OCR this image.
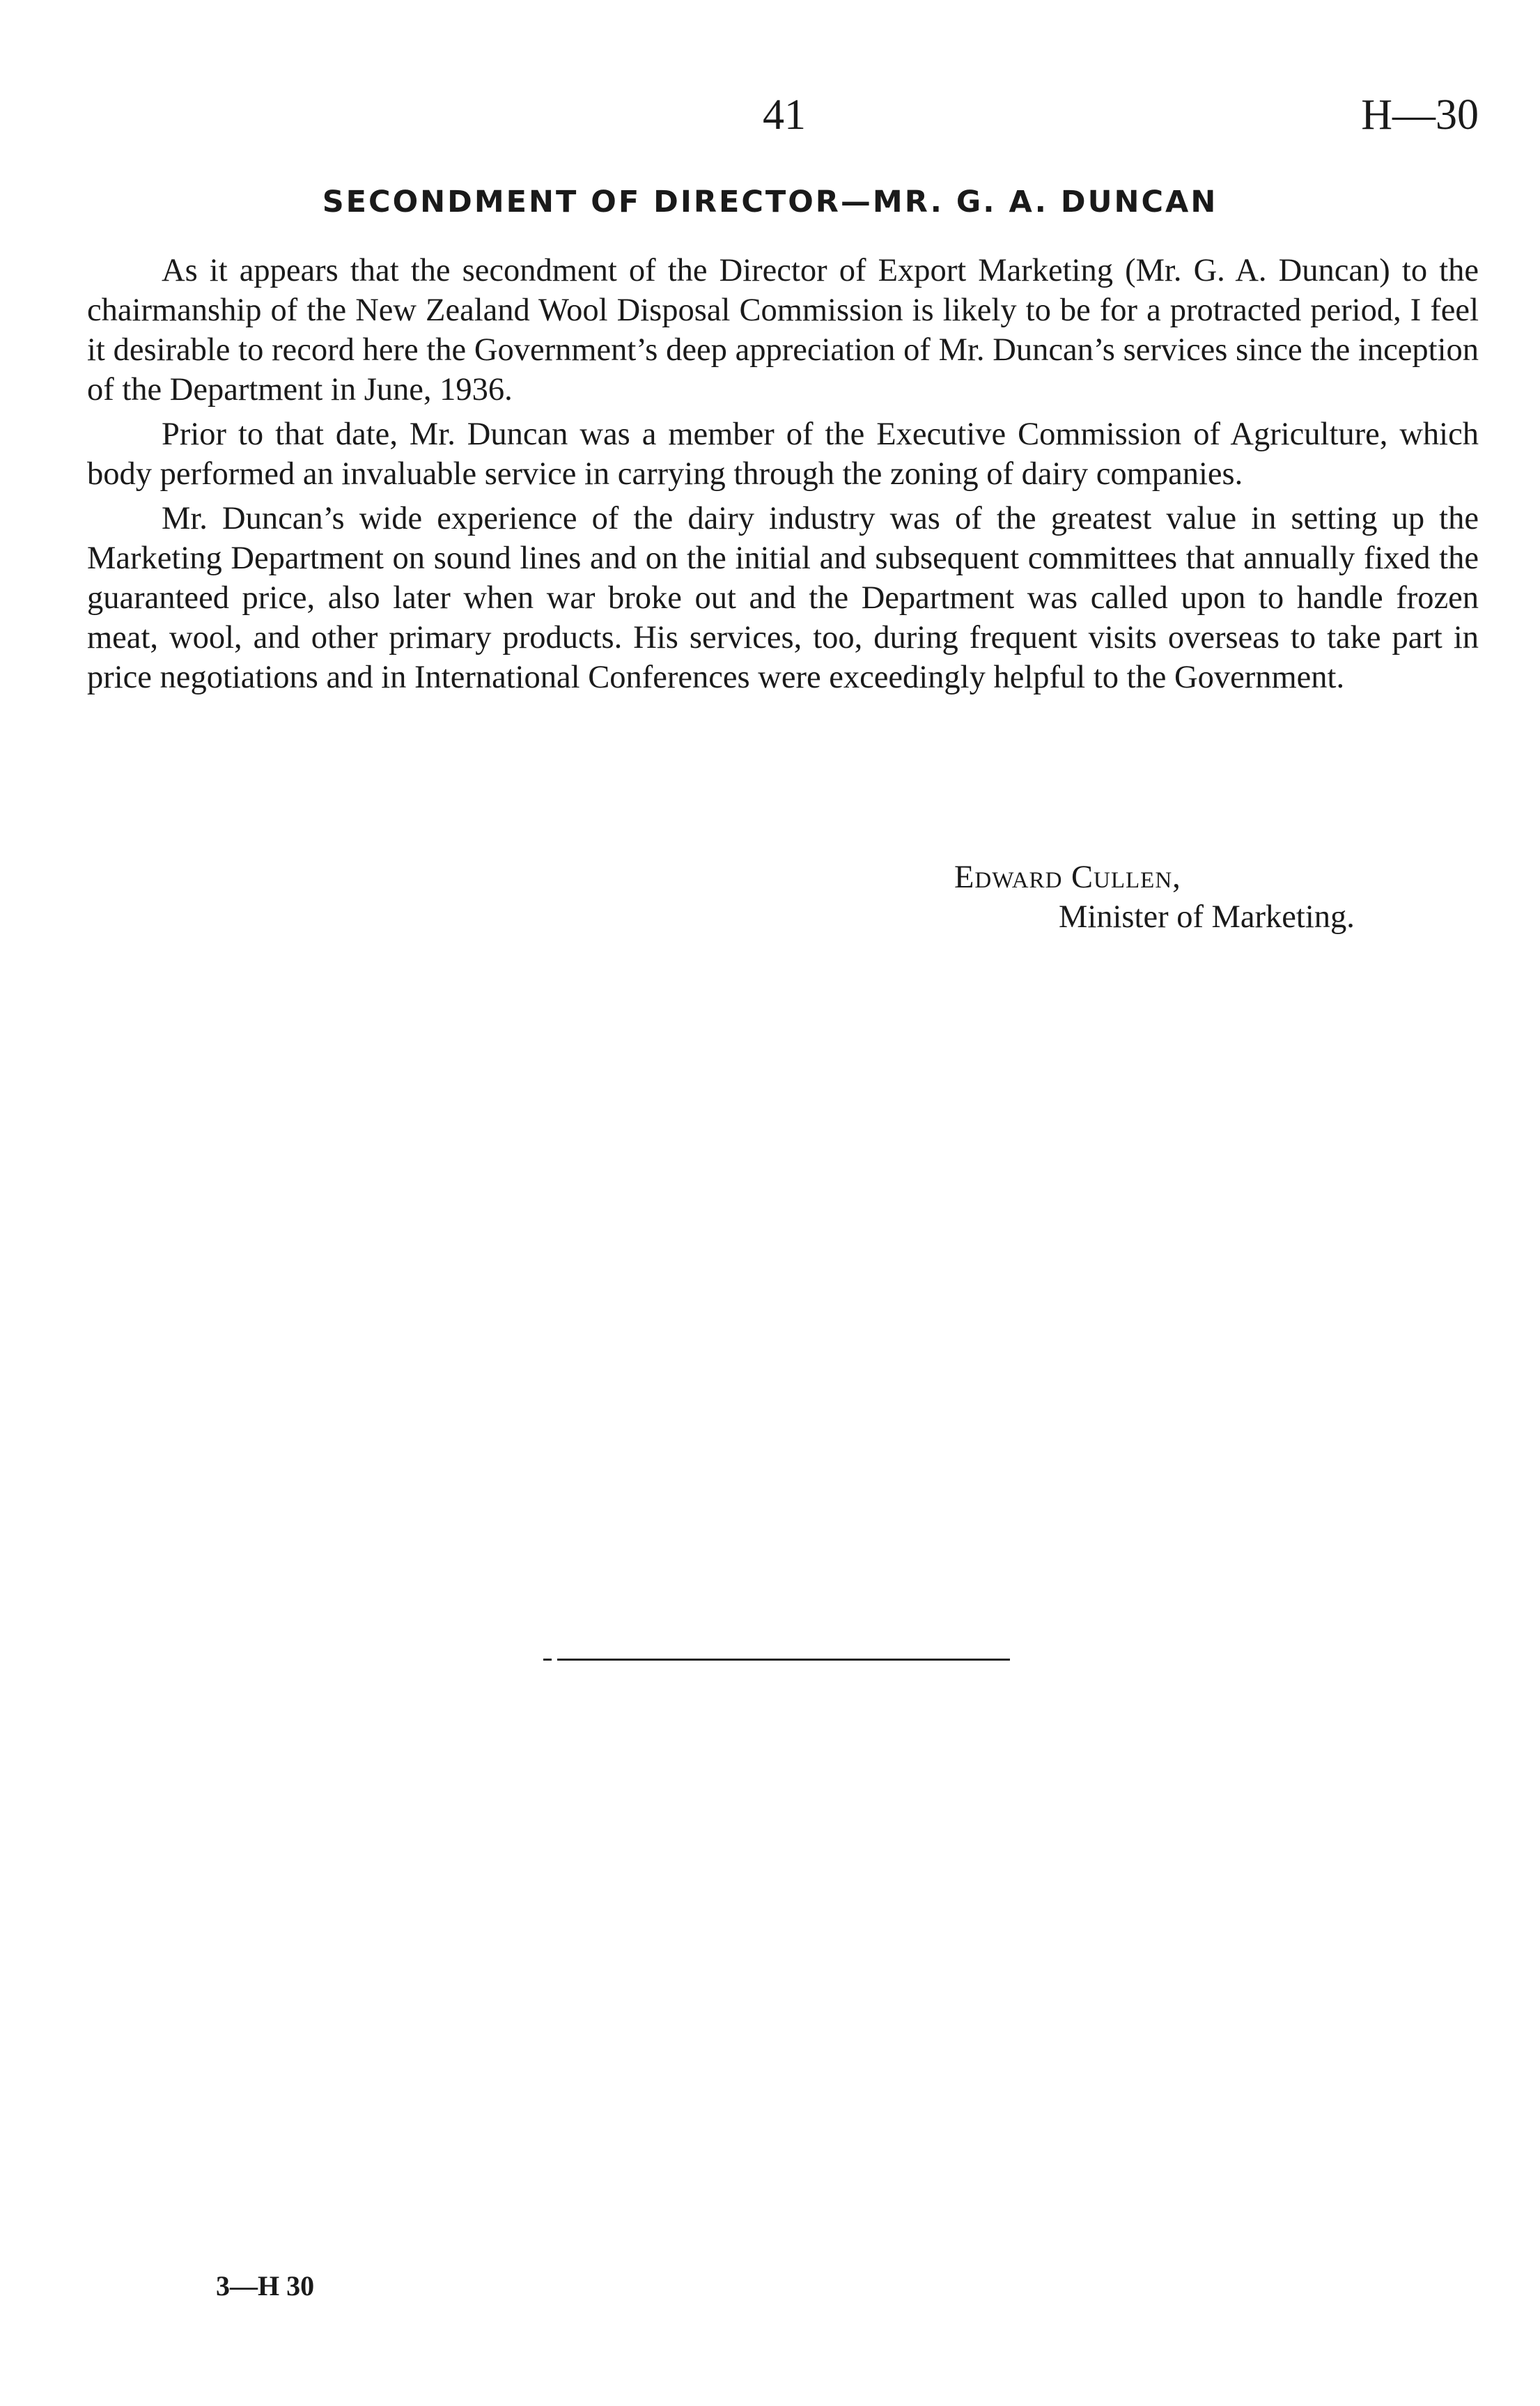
41	H—30
SECONDMENT OF DIRECTOR—MR. G. A. DUNCAN

As it appears that the secondment of the Director of Export Marketing (Mr. G. A. Duncan) to the chairmanship of the New Zealand Wool Disposal Commission is likely to be for a protracted period, I feel it desirable to record here the Government’s deep appreciation of Mr. Duncan’s services since the inception of the Department in June, 1936.

Prior to that date, Mr. Duncan was a member of the Executive Commission of Agriculture, which body performed an invaluable service in carrying through the zoning of dairy companies.

Mr. Duncan’s wide experience of the dairy industry was of the greatest value in setting up the Marketing Department on sound lines and on the initial and subsequent committees that annually fixed the guaranteed price, also later when war broke out and the Department was called upon to handle frozen meat, wool, and other primary products. His services, too, during frequent visits overseas to take part in price negotiations and in International Conferences were exceedingly helpful to the Government.

Edward Cullen,
Minister of Marketing.
3—H 30
